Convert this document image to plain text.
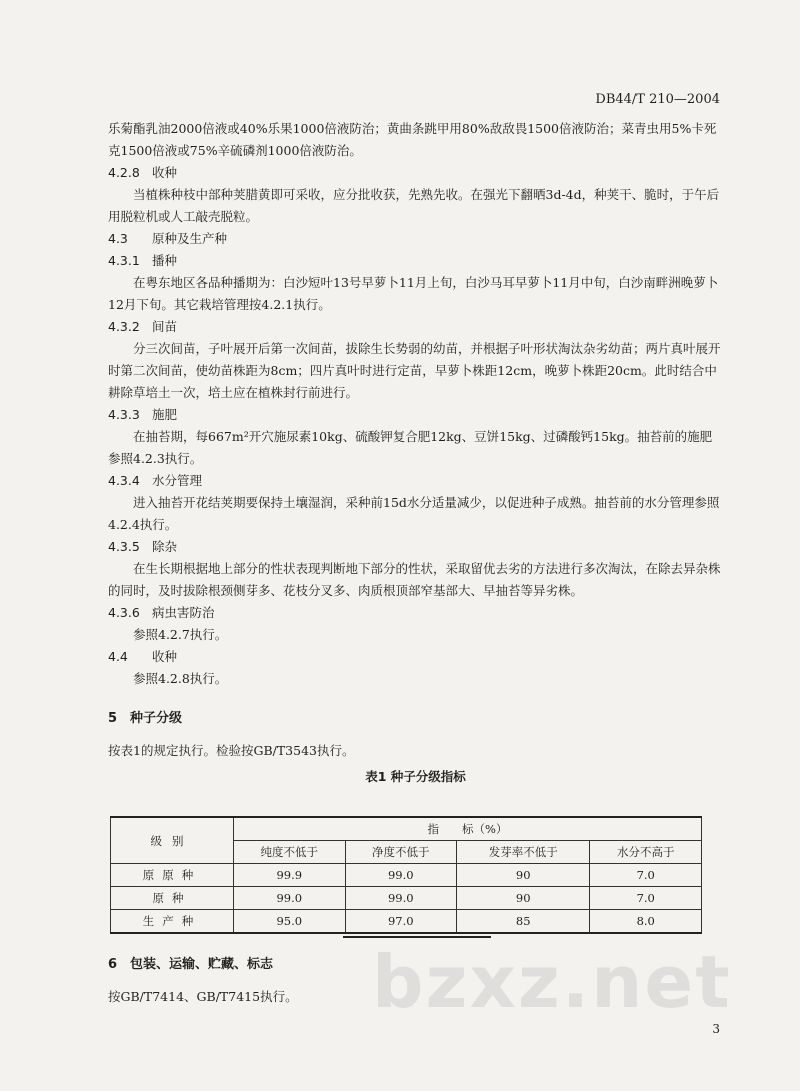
DB44/T 210—2004

乐菊酯乳油2000倍液或40%乐果1000倍液防治；黄曲条跳甲用80%敌敌畏1500倍液防治；菜青虫用5%卡死克1500倍液或75%辛硫磷剂1000倍液防治。

4.2.8 收种

当植株种枝中部种荚腊黄即可采收，应分批收获，先熟先收。在强光下翻晒3d-4d，种荚干、脆时，于午后用脱粒机或人工敲壳脱粒。

4.3 原种及生产种

4.3.1 播种

在粤东地区各品种播期为：白沙短叶13号早萝卜11月上旬，白沙马耳早萝卜11月中旬，白沙南畔洲晚萝卜12月下旬。其它栽培管理按4.2.1执行。

4.3.2 间苗

分三次间苗，子叶展开后第一次间苗，拔除生长势弱的幼苗，并根据子叶形状淘汰杂劣幼苗；两片真叶展开时第二次间苗，使幼苗株距为8cm；四片真叶时进行定苗，早萝卜株距12cm，晚萝卜株距20cm。此时结合中耕除草培土一次，培土应在植株封行前进行。

4.3.3 施肥

在抽苔期，每667m²开穴施尿素10kg、硫酸钾复合肥12kg、豆饼15kg、过磷酸钙15kg。抽苔前的施肥参照4.2.3执行。

4.3.4 水分管理

进入抽苔开花结荚期要保持土壤湿润，采种前15d水分适量减少，以促进种子成熟。抽苔前的水分管理参照4.2.4执行。

4.3.5 除杂

在生长期根据地上部分的性状表现判断地下部分的性状，采取留优去劣的方法进行多次淘汰，在除去异杂株的同时，及时拔除根颈侧芽多、花枝分叉多、肉质根顶部窄基部大、早抽苔等异劣株。

4.3.6 病虫害防治

参照4.2.7执行。

4.4 收种

参照4.2.8执行。

5 种子分级

按表1的规定执行。检验按GB/T3543执行。

表1 种子分级指标

级别	指　　标（%）			
	纯度不低于	净度不低于	发芽率不低于	水分不高于
原原种	99.9	99.0	90	7.0
原种	99.0	99.0	90	7.0
生产种	95.0	97.0	85	8.0

6 包装、运输、贮藏、标志

按GB/T7414、GB/T7415执行。	bzxz.net
3
